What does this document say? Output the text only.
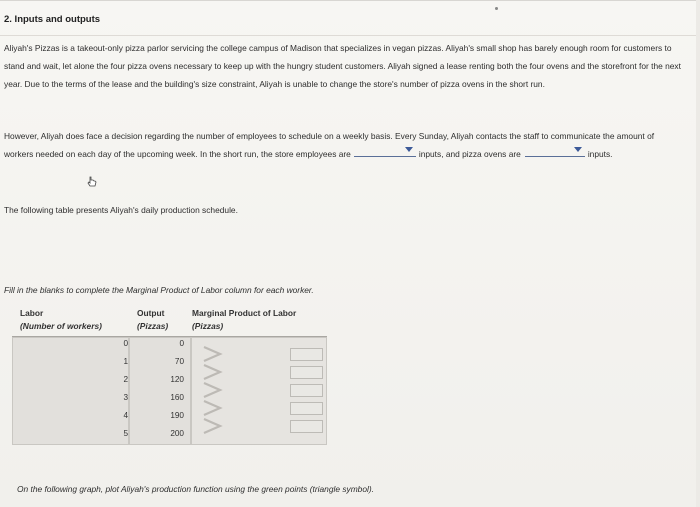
2. Inputs and outputs
Aliyah's Pizzas is a takeout-only pizza parlor servicing the college campus of Madison that specializes in vegan pizzas. Aliyah's small shop has barely enough room for customers to stand and wait, let alone the four pizza ovens necessary to keep up with the hungry student customers. Aliyah signed a lease renting both the four ovens and the storefront for the next year. Due to the terms of the lease and the building's size constraint, Aliyah is unable to change the store's number of pizza ovens in the short run.
However, Aliyah does face a decision regarding the number of employees to schedule on a weekly basis. Every Sunday, Aliyah contacts the staff to communicate the amount of workers needed on each day of the upcoming week. In the short run, the store employees are	inputs, and pizza ovens are	inputs.
The following table presents Aliyah's daily production schedule.
Fill in the blanks to complete the Marginal Product of Labor column for each worker.
Labor
(Number of workers)
Output
(Pizzas)
Marginal Product of Labor
(Pizzas)
0	0
1	70
2	120
3	160
4	190
5	200
On the following graph, plot Aliyah's production function using the green points (triangle symbol).
